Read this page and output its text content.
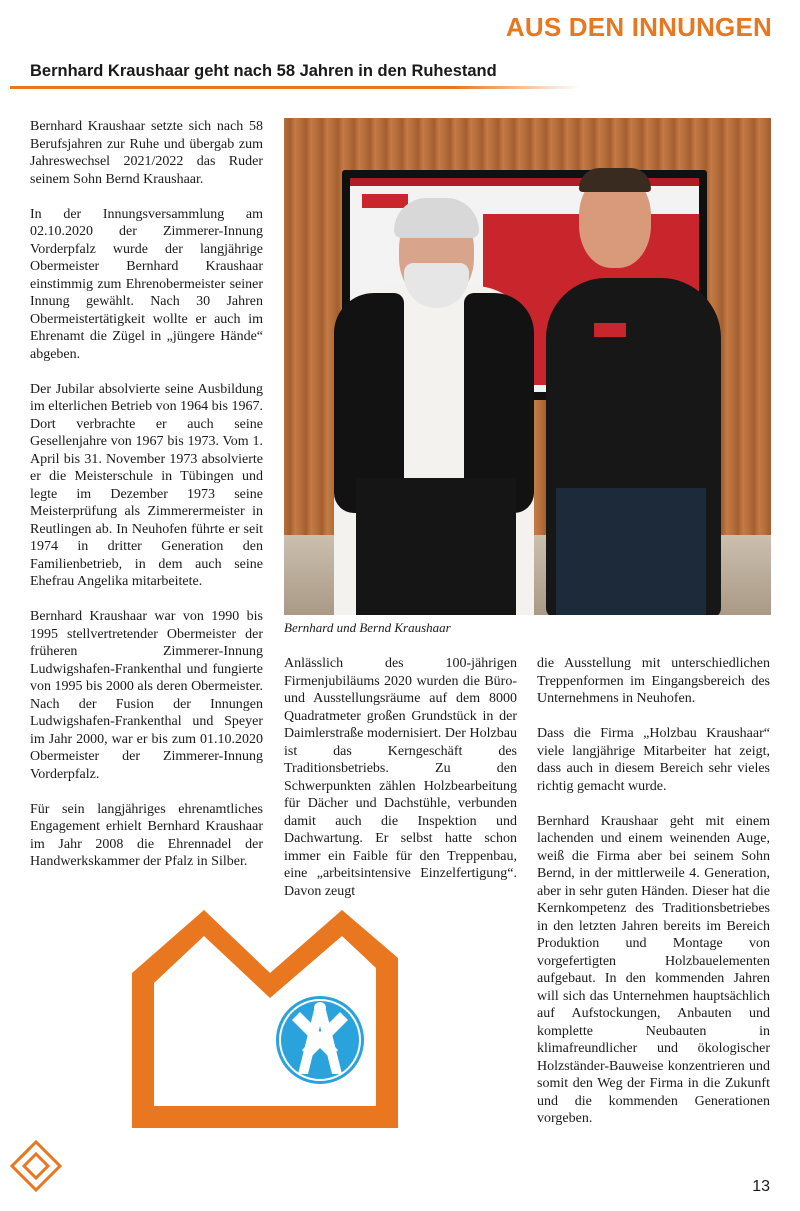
AUS DEN INNUNGEN
Bernhard Kraushaar geht nach 58 Jahren in den Ruhestand

Bernhard Kraushaar setzte sich nach 58 Berufsjahren zur Ruhe und übergab zum Jahreswechsel 2021/2022 das Ruder seinem Sohn Bernd Kraushaar.

In der Innungsversammlung am 02.10.2020 der Zimmerer-Innung Vorderpfalz wurde der langjährige Obermeister Bernhard Kraushaar einstimmig zum Ehrenobermeister seiner Innung gewählt. Nach 30 Jahren Obermeistertätigkeit wollte er auch im Ehrenamt die Zügel in „jüngere Hände“ abgeben.

Der Jubilar absolvierte seine Ausbildung im elterlichen Betrieb von 1964 bis 1967. Dort verbrachte er auch seine Gesellenjahre von 1967 bis 1973. Vom 1. April bis 31. November 1973 absolvierte er die Meisterschule in Tübingen und legte im Dezember 1973 seine Meisterprüfung als Zimmerermeister in Reutlingen ab. In Neuhofen führte er seit 1974 in dritter Generation den Familienbetrieb, in dem auch seine Ehefrau Angelika mitarbeitete.

Bernhard Kraushaar war von 1990 bis 1995 stellvertretender Obermeister der früheren Zimmerer-Innung Ludwigshafen-Frankenthal und fungierte von 1995 bis 2000 als deren Obermeister. Nach der Fusion der Innungen Ludwigshafen-Frankenthal und Speyer im Jahr 2000, war er bis zum 01.10.2020 Obermeister der Zimmerer-Innung Vorderpfalz.

Für sein langjähriges ehrenamtliches Engagement erhielt Bernhard Kraushaar im Jahr 2008 die Ehrennadel der Handwerkskammer der Pfalz in Silber.

Bernhard und Bernd Kraushaar

Anlässlich des 100-jährigen Firmenjubiläums 2020 wurden die Büro- und Ausstellungsräume auf dem 8000 Quadratmeter großen Grundstück in der Daimlerstraße modernisiert. Der Holzbau ist das Kerngeschäft des Traditionsbetriebs. Zu den Schwerpunkten zählen Holzbearbeitung für Dächer und Dachstühle, verbunden damit auch die Inspektion und Dachwartung. Er selbst hatte schon immer ein Faible für den Treppenbau, eine „arbeitsintensive Einzelfertigung“. Davon zeugt

die Ausstellung mit unterschiedlichen Treppenformen im Eingangsbereich des Unternehmens in Neuhofen.

Dass die Firma „Holzbau Kraushaar“ viele langjährige Mitarbeiter hat zeigt, dass auch in diesem Bereich sehr vieles richtig gemacht wurde.

Bernhard Kraushaar geht mit einem lachenden und einem weinenden Auge, weiß die Firma aber bei seinem Sohn Bernd, in der mittlerweile 4. Generation, aber in sehr guten Händen. Dieser hat die Kernkompetenz des Traditionsbetriebes in den letzten Jahren bereits im Bereich Produktion und Montage von vorgefertigten Holzbauelementen aufgebaut. In den kommenden Jahren will sich das Unternehmen hauptsächlich auf Aufstockungen, Anbauten und komplette Neubauten in klimafreundlicher und ökologischer Holzständer-Bauweise konzentrieren und somit den Weg der Firma in die Zukunft und die kommenden Generationen vorgeben.

13
